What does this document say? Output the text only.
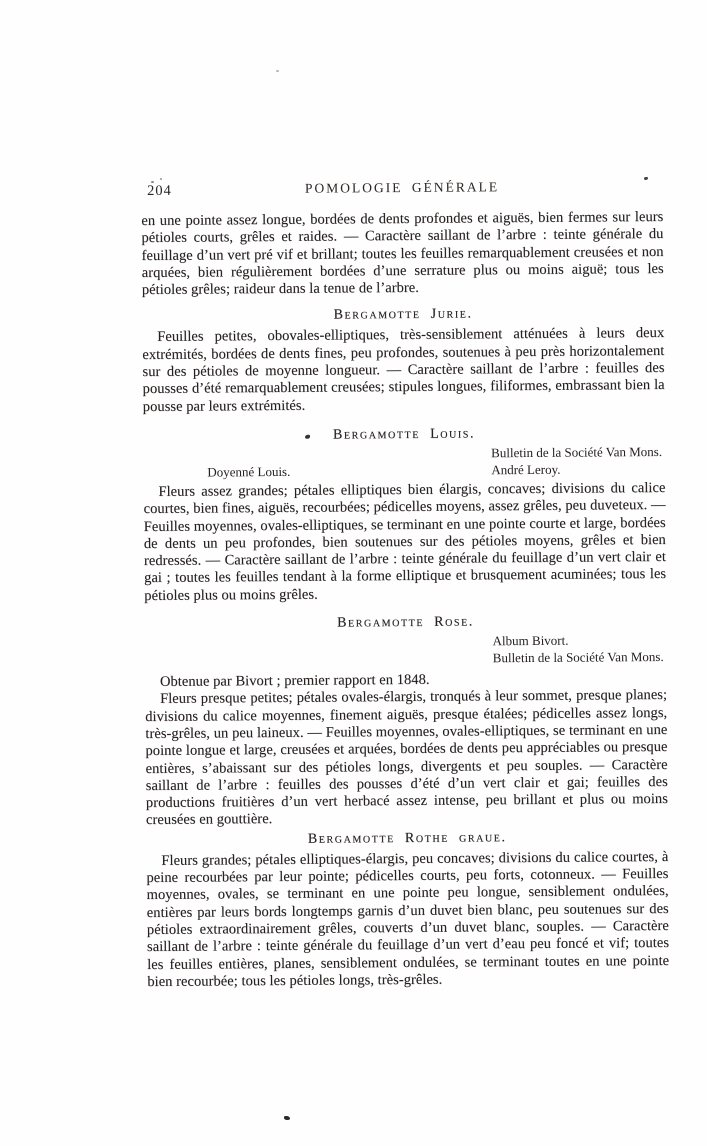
204	POMOLOGIE GÉNÉRALE

en une pointe assez longue, bordées de dents profondes et aiguës, bien fermes sur leurs pétioles courts, grêles et raides. — Caractère saillant de l’arbre : teinte générale du feuillage d’un vert pré vif et brillant; toutes les feuilles remarquablement creusées et non arquées, bien régulièrement bordées d’une serrature plus ou moins aiguë; tous les pétioles grêles; raideur dans la tenue de l’arbre.

Bergamotte Jurie.

Feuilles petites, obovales-elliptiques, très-sensiblement atténuées à leurs deux extrémités, bordées de dents fines, peu profondes, soutenues à peu près horizontalement sur des pétioles de moyenne longueur. — Caractère saillant de l’arbre : feuilles des pousses d’été remarquablement creusées; stipules longues, filiformes, embrassant bien la pousse par leurs extrémités.

Bergamotte Louis.
Bulletin de la Société Van Mons.
Doyenné Louis.	André Leroy.

Fleurs assez grandes; pétales elliptiques bien élargis, concaves; divisions du calice courtes, bien fines, aiguës, recourbées; pédicelles moyens, assez grêles, peu duveteux. — Feuilles moyennes, ovales-elliptiques, se terminant en une pointe courte et large, bordées de dents un peu profondes, bien soutenues sur des pétioles moyens, grêles et bien redressés. — Caractère saillant de l’arbre : teinte générale du feuillage d’un vert clair et gai ; toutes les feuilles tendant à la forme elliptique et brusquement acuminées; tous les pétioles plus ou moins grêles.

Bergamotte Rose.
Album Bivort.
Bulletin de la Société Van Mons.

Obtenue par Bivort ; premier rapport en 1848.

Fleurs presque petites; pétales ovales-élargis, tronqués à leur sommet, presque planes; divisions du calice moyennes, finement aiguës, presque étalées; pédicelles assez longs, très-grêles, un peu laineux. — Feuilles moyennes, ovales-elliptiques, se terminant en une pointe longue et large, creusées et arquées, bordées de dents peu appréciables ou presque entières, s’abaissant sur des pétioles longs, divergents et peu souples. — Caractère saillant de l’arbre : feuilles des pousses d’été d’un vert clair et gai; feuilles des productions fruitières d’un vert herbacé assez intense, peu brillant et plus ou moins creusées en gouttière.

Bergamotte Rothe graue.

Fleurs grandes; pétales elliptiques-élargis, peu concaves; divisions du calice courtes, à peine recourbées par leur pointe; pédicelles courts, peu forts, cotonneux. — Feuilles moyennes, ovales, se terminant en une pointe peu longue, sensiblement ondulées, entières par leurs bords longtemps garnis d’un duvet bien blanc, peu soutenues sur des pétioles extraordinairement grêles, couverts d’un duvet blanc, souples. — Caractère saillant de l’arbre : teinte générale du feuillage d’un vert d’eau peu foncé et vif; toutes les feuilles entières, planes, sensiblement ondulées, se terminant toutes en une pointe bien recourbée; tous les pétioles longs, très-grêles.
